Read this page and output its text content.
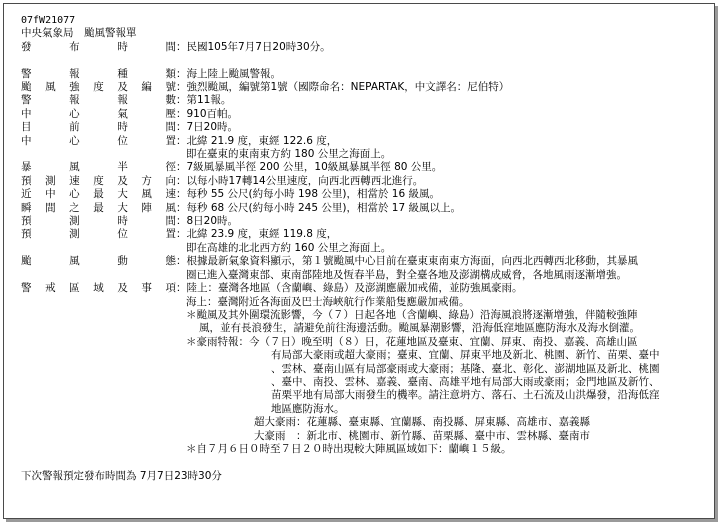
07fW21077
中央氣象局　颱風警報單
發　布　時　間 ： 民國105年7月7日20時30分。
警　報　種　類 ： 海上陸上颱風警報。
颱風強度及編號 ： 強烈颱風，編號第1號（國際命名：NEPARTAK，中文譯名：尼伯特）
警　報　報　數 ： 第11報。
中　心　氣　壓 ： 910百帕。
目　前　時　間 ： 7日20時。
中　心　位　置 ： 北緯 21.9 度，東經 122.6 度，
即在臺東的東南東方約 180 公里之海面上。
暴　風　半　徑 ： 7級風暴風半徑 200 公里，10級風暴風半徑 80 公里。
預測速度及方向 ： 以每小時17轉14公里速度，向西北西轉西北進行。
近中心最大風速 ： 每秒 55 公尺(約每小時 198 公里)，相當於 16 級風。
瞬間之最大陣風 ： 每秒 68 公尺(約每小時 245 公里)，相當於 17 級風以上。
預　測　時　間 ： 8日20時。
預　測　位　置 ： 北緯 23.9 度，東經 119.8 度，
即在高雄的北北西方約 160 公里之海面上。
颱　風　動　態 ： 根據最新氣象資料顯示，第１號颱風中心目前在臺東東南東方海面，向西北西轉西北移動，其暴風
圈已進入臺灣東部、東南部陸地及恆春半島，對全臺各地及澎湖構成威脅，各地風雨逐漸增強。
警戒區域及事項 ： 陸上：臺灣各地區（含蘭嶼、綠島）及澎湖應嚴加戒備，並防強風豪雨。
海上：臺灣附近各海面及巴士海峽航行作業船隻應嚴加戒備。
＊颱風及其外圍環流影響，今（７）日起各地（含蘭嶼、綠島）沿海風浪將逐漸增強，伴隨較強陣
風，並有長浪發生，請避免前往海邊活動。颱風暴潮影響，沿海低窪地區應防海水及海水倒灌。
＊豪雨特報：今（７日）晚至明（８）日，花蓮地區及臺東、宜蘭、屏東、南投、嘉義、高雄山區
有局部大豪雨或超大豪雨；臺東、宜蘭、屏東平地及新北、桃園、新竹、苗栗、臺中
、雲林、臺南山區有局部豪雨或大豪雨；基隆、臺北、彰化、澎湖地區及新北、桃園
、臺中、南投、雲林、嘉義、臺南、高雄平地有局部大雨或豪雨；金門地區及新竹、
苗栗平地有局部大雨發生的機率。請注意坍方、落石、土石流及山洪爆發，沿海低窪
地區應防海水。
超大豪雨：花蓮縣、臺東縣、宜蘭縣、南投縣、屏東縣、高雄市、嘉義縣
大豪雨　：新北市、桃園市、新竹縣、苗栗縣、臺中市、雲林縣、臺南市
＊自７月６日０時至７日２０時出現較大陣風區域如下：蘭嶼１５級。
下次警報預定發布時間為 7月7日23時30分
